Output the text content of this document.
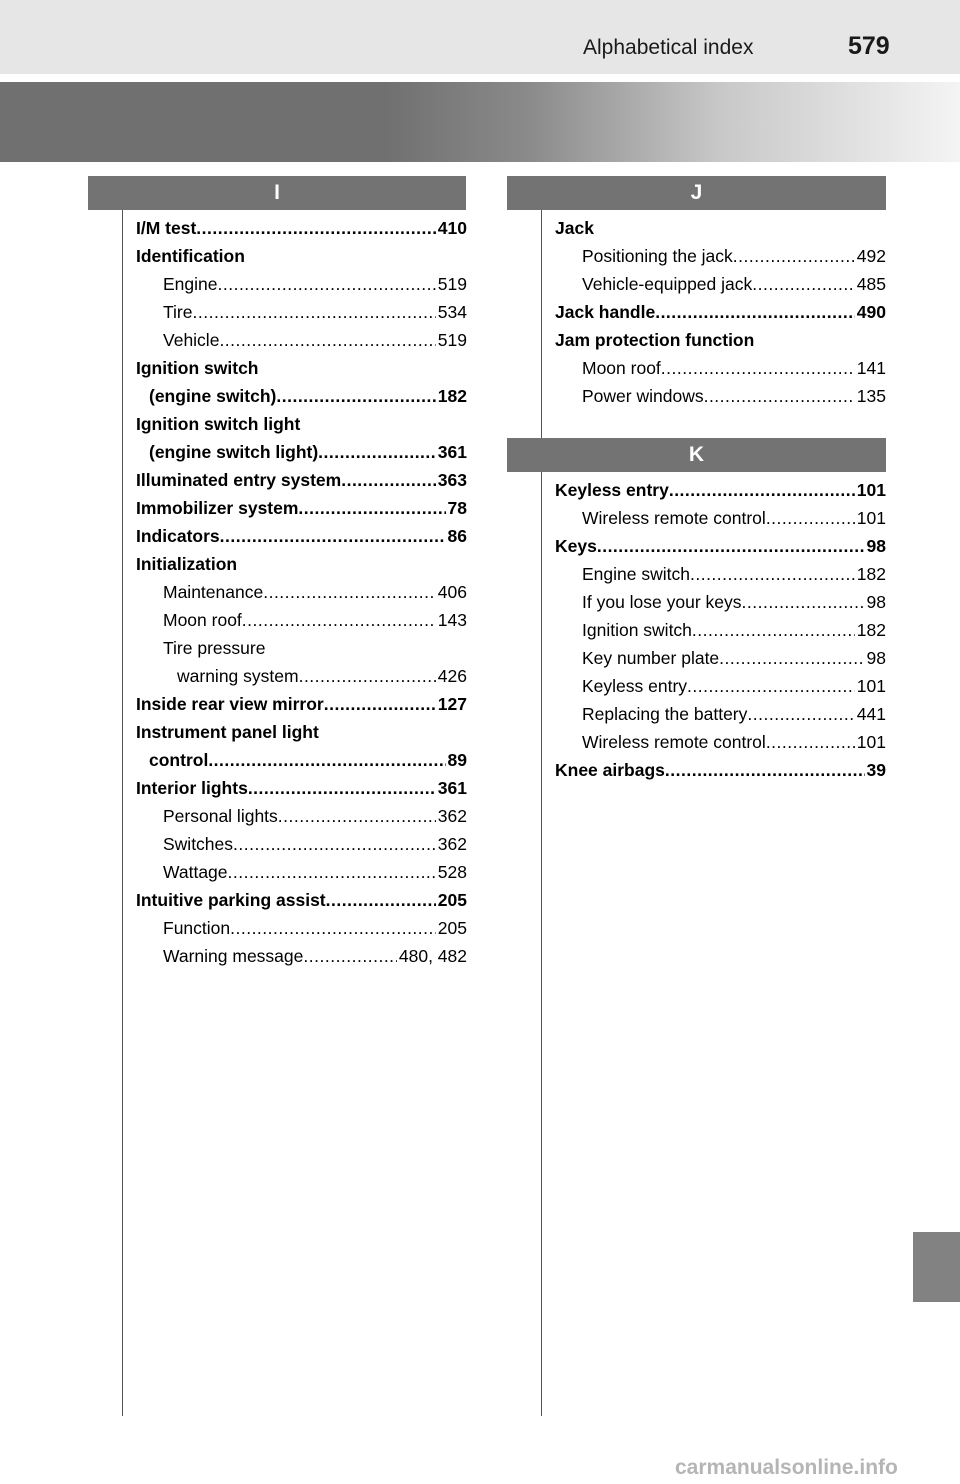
Alphabetical index	579
I
I/M test .....	410
Identification
Engine .....	519
Tire .....	534
Vehicle .....	519
Ignition switch
(engine switch) .....	182
Ignition switch light
(engine switch light) .....	361
Illuminated entry system .....	363
Immobilizer system .....	78
Indicators .....	86
Initialization
Maintenance .....	406
Moon roof .....	143
Tire pressure
warning system .....	426
Inside rear view mirror .....	127
Instrument panel light
control .....	89
Interior lights .....	361
Personal lights .....	362
Switches .....	362
Wattage .....	528
Intuitive parking assist .....	205
Function .....	205
Warning message .....	480, 482
J
Jack
Positioning the jack .....	492
Vehicle-equipped jack .....	485
Jack handle .....	490
Jam protection function
Moon roof .....	141
Power windows .....	135
K
Keyless entry .....	101
Wireless remote control .....	101
Keys .....	98
Engine switch .....	182
If you lose your keys .....	98
Ignition switch .....	182
Key number plate .....	98
Keyless entry .....	101
Replacing the battery .....	441
Wireless remote control .....	101
Knee airbags .....	39
carmanualsonline.info
